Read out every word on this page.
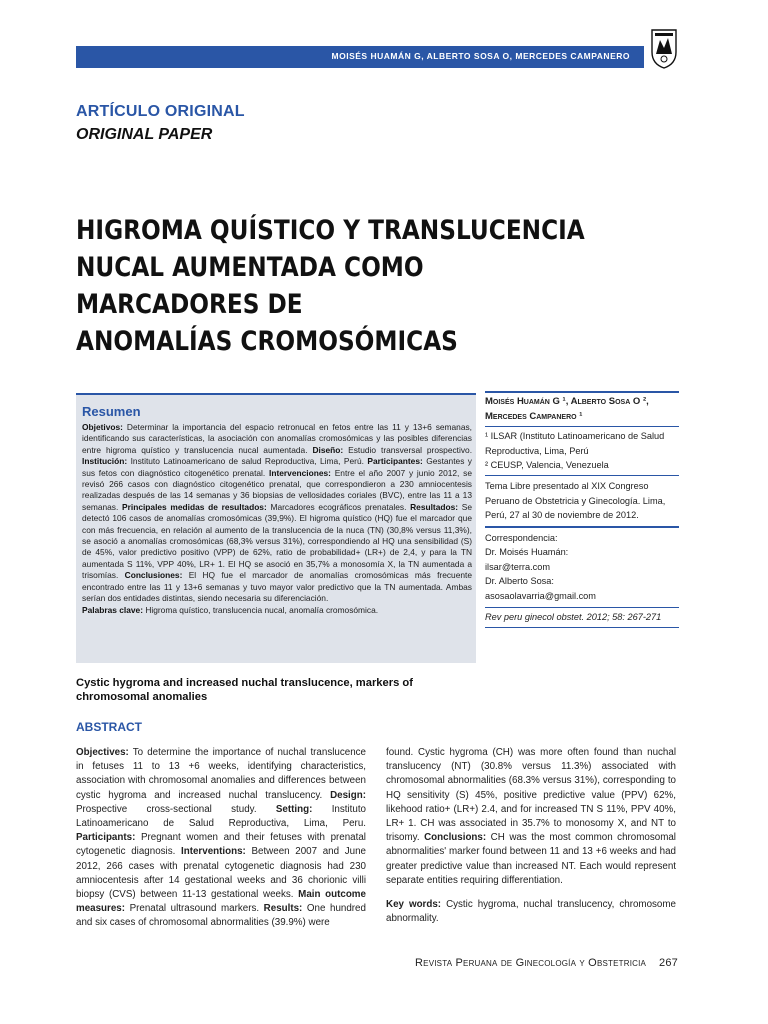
MOISÉS HUAMÁN G, ALBERTO SOSA O, MERCEDES CAMPANERO
ARTÍCULO ORIGINAL
ORIGINAL PAPER
HIGROMA QUÍSTICO Y TRANSLUCENCIA
NUCAL AUMENTADA COMO MARCADORES DE
ANOMALÍAS CROMOSÓMICAS
Resumen
Objetivos: Determinar la importancia del espacio retronucal en fetos entre las 11 y 13+6 semanas, identificando sus características, la asociación con anomalías cromosómicas y las posibles diferencias entre higroma quístico y translucencia nucal aumentada. Diseño: Estudio transversal prospectivo. Institución: Instituto Latinoamericano de salud Reproductiva, Lima, Perú. Participantes: Gestantes y sus fetos con diagnóstico citogenético prenatal. Intervenciones: Entre el año 2007 y junio 2012, se revisó 266 casos con diagnóstico citogenético prenatal, que correspondieron a 230 amniocentesis realizadas después de las 14 semanas y 36 biopsias de vellosidades coriales (BVC), entre las 11 a 13 semanas. Principales medidas de resultados: Marcadores ecográficos prenatales. Resultados: Se detectó 106 casos de anomalías cromosómicas (39,9%). El higroma quístico (HQ) fue el marcador que con más frecuencia, en relación al aumento de la translucencia de la nuca (TN) (30,8% versus 11,3%), se asoció a anomalías cromosómicas (68,3% versus 31%), correspondiendo al HQ una sensibilidad (S) de 45%, valor predictivo positivo (VPP) de 62%, ratio de probabilidad+ (LR+) de 2,4, y para la TN aumentada S 11%, VPP 40%, LR+ 1. El HQ se asoció en 35,7% a monosomía X, la TN aumentada a trisomías. Conclusiones: El HQ fue el marcador de anomalías cromosómicas más frecuente encontrado entre las 11 y 13+6 semanas y tuvo mayor valor predictivo que la TN aumentada. Ambas serían dos entidades distintas, siendo necesaria su diferenciación.
Palabras clave: Higroma quístico, translucencia nucal, anomalía cromosómica.
Moisés Huamán G ¹, Alberto Sosa O ², Mercedes Campanero ¹
¹ ILSAR (Instituto Latinoamericano de Salud Reproductiva, Lima, Perú
² CEUSP, Valencia, Venezuela
Tema Libre presentado al XIX Congreso Peruano de Obstetricia y Ginecología. Lima, Perú, 27 al 30 de noviembre de 2012.
Correspondencia:
Dr. Moisés Huamán:
ilsar@terra.com
Dr. Alberto Sosa:
asosaolavarria@gmail.com
Rev peru ginecol obstet. 2012; 58: 267-271
Cystic hygroma and increased nuchal translucence, markers of chromosomal anomalies
ABSTRACT

Objectives: To determine the importance of nuchal translucence in fetuses 11 to 13 +6 weeks, identifying characteristics, association with chromosomal anomalies and differences between cystic hygroma and increased nuchal translucency. Design: Prospective cross-sectional study. Setting: Instituto Latinoamericano de Salud Reproductiva, Lima, Peru. Participants: Pregnant women and their fetuses with prenatal cytogenetic diagnosis. Interventions: Between 2007 and June 2012, 266 cases with prenatal cytogenetic diagnosis had 230 amniocentesis after 14 gestational weeks and 36 chorionic villi biopsy (CVS) between 11-13 gestational weeks. Main outcome measures: Prenatal ultrasound markers. Results: One hundred and six cases of chromosomal abnormalities (39.9%) were

found. Cystic hygroma (CH) was more often found than nuchal translucency (NT) (30.8% versus 11.3%) associated with chromosomal abnormalities (68.3% versus 31%), corresponding to HQ sensitivity (S) 45%, positive predictive value (PPV) 62%, likehood ratio+ (LR+) 2.4, and for increased TN S 11%, PPV 40%, LR+ 1. CH was associated in 35.7% to monosomy X, and NT to trisomy. Conclusions: CH was the most common chromosomal abnormalities' marker found between 11 and 13 +6 weeks and had greater predictive value than increased NT. Each would represent separate entities requiring differentiation.

Key words: Cystic hygroma, nuchal translucency, chromosome abnormality.

Revista Peruana de Ginecología y Obstetricia 267
